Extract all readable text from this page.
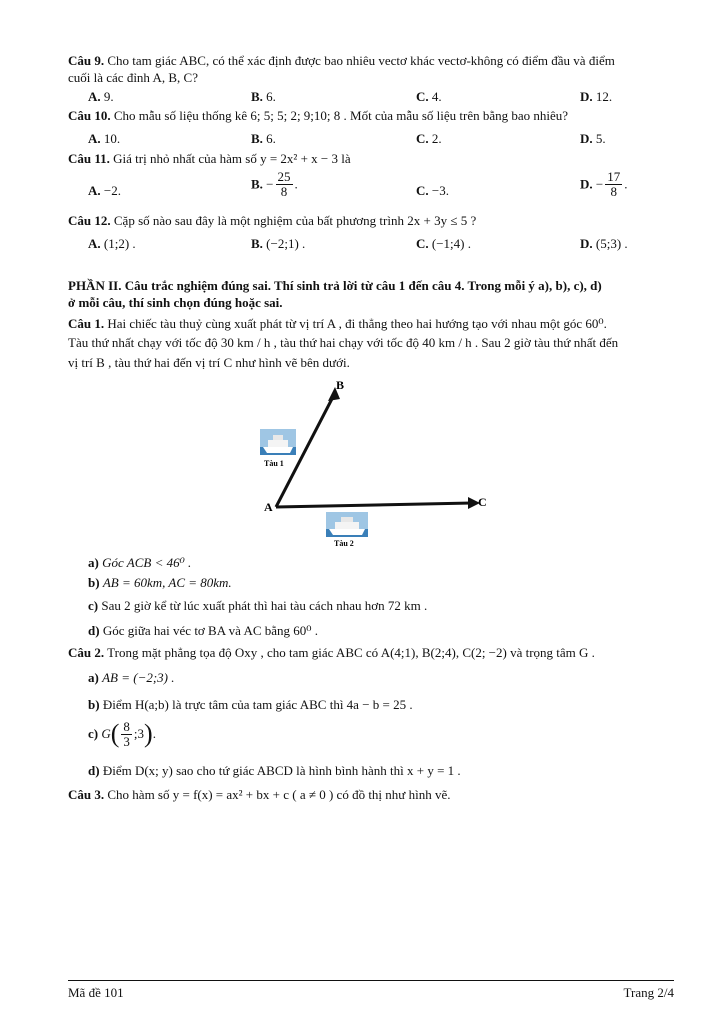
Câu 9. Cho tam giác ABC, có thể xác định được bao nhiêu vectơ khác vectơ-không có điểm đầu và điểm
cuối là các đỉnh A, B, C?
A. 9.	B. 6.	C. 4.	D. 12.
Câu 10. Cho mẫu số liệu thống kê 6; 5; 5; 2; 9;10; 8 . Mốt của mẫu số liệu trên bằng bao nhiêu?
A. 10.	B. 6.	C. 2.	D. 5.
Câu 11. Giá trị nhỏ nhất của hàm số y = 2x² + x − 3 là
A. −2.	B. − $\frac{25}{8}$ .	C. −3.	D. − $\frac{17}{8}$ .
Câu 12. Cặp số nào sau đây là một nghiệm của bất phương trình 2x + 3y ≤ 5 ?
A. (1;2) .	B. (−2;1) .	C. (−1;4) .	D. (5;3) .
PHẦN II. Câu trắc nghiệm đúng sai. Thí sinh trả lời từ câu 1 đến câu 4. Trong mỗi ý a), b), c), d)
ở mỗi câu, thí sinh chọn đúng hoặc sai.
Câu 1. Hai chiếc tàu thuỷ cùng xuất phát từ vị trí A , đi thẳng theo hai hướng tạo với nhau một góc 60⁰.
Tàu thứ nhất chạy với tốc độ 30 km / h , tàu thứ hai chạy với tốc độ 40 km / h . Sau 2 giờ tàu thứ nhất đến
vị trí B , tàu thứ hai đến vị trí C như hình vẽ bên dưới.
B
A	C
Tàu 1
Tàu 2
a) Góc ACB < 46⁰ .
b) AB = 60km, AC = 80km.
c) Sau 2 giờ kể từ lúc xuất phát thì hai tàu cách nhau hơn 72 km .
d) Góc giữa hai véc tơ BA và AC bằng 60⁰ .
Câu 2. Trong mặt phẳng tọa độ Oxy , cho tam giác ABC có A(4;1), B(2;4), C(2; −2) và trọng tâm G .
a) AB = (−2;3) .
b) Điểm H(a;b) là trực tâm của tam giác ABC thì 4a − b = 25 .
c) $G( \frac{8}{3}$ ;3).
d) Điểm D(x; y) sao cho tứ giác ABCD là hình bình hành thì x + y = 1 .
Câu 3. Cho hàm số y = f(x) = ax² + bx + c ( a ≠ 0 ) có đồ thị như hình vẽ.
Mã đề 101	Trang 2/4
